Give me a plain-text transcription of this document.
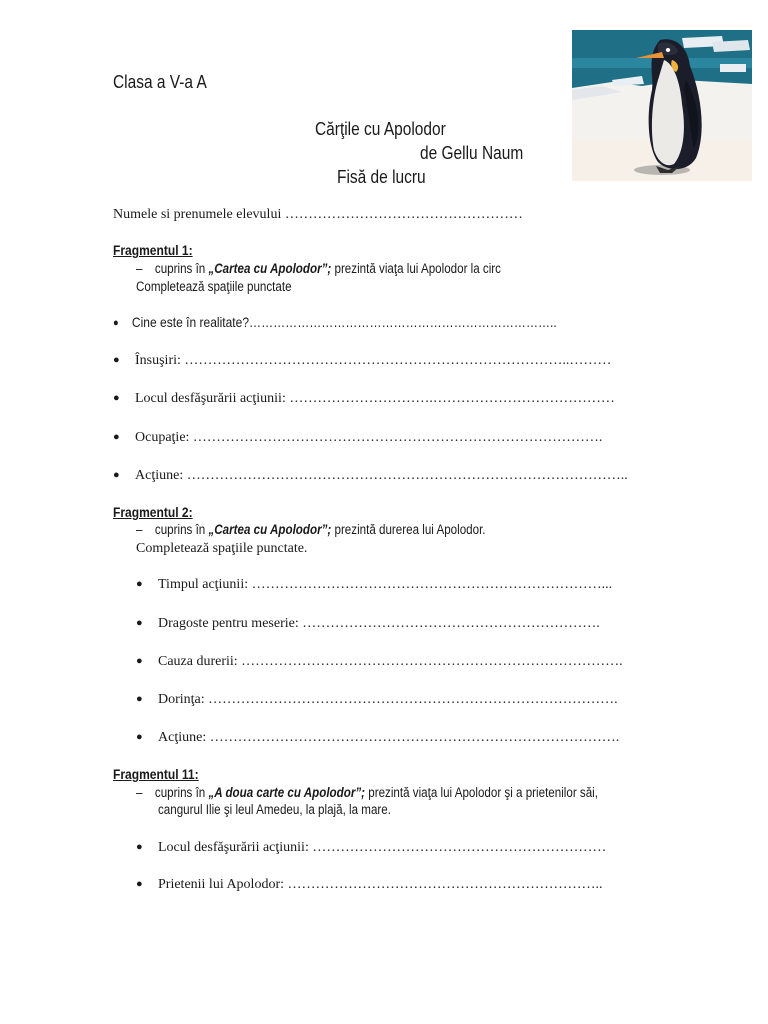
Clasa a V-a A
Cărţile cu Apolodor
de Gellu Naum
Fisă de lucru
Numele si prenumele elevului ……………………………………………
Fragmentul 1:
– cuprins în „Cartea cu Apolodor”; prezintă viaţa lui Apolodor la circ
Completează spaţiile punctate
● Cine este în realitate?…………………………………………………………………..
● Însuşiri: ………………………………………………………………………..………
● Locul desfăşurării acţiunii: ………………………….…………………………………
● Ocupaţie: …………………………………………………………………………….
● Acţiune: …………………………………………………………………………………..
Fragmentul 2:
– cuprins în „Cartea cu Apolodor”; prezintă durerea lui Apolodor.
Completează spaţiile punctate.
● Timpul acţiunii: …………………………………………………………………...
● Dragoste pentru meserie: ……………………………………………………….
● Cauza durerii: ……………………………………………………………………….
● Dorinţa: …………………………………………………………………………….
● Acţiune: …………………………………………………………………………….
Fragmentul 11:
– cuprins în „A doua carte cu Apolodor”; prezintă viaţa lui Apolodor şi a prietenilor săi,
cangurul Ilie şi leul Amedeu, la plajă, la mare.
● Locul desfăşurării acţiunii: ………………………………………………………
● Prietenii lui Apolodor: …………………………………………………………..
